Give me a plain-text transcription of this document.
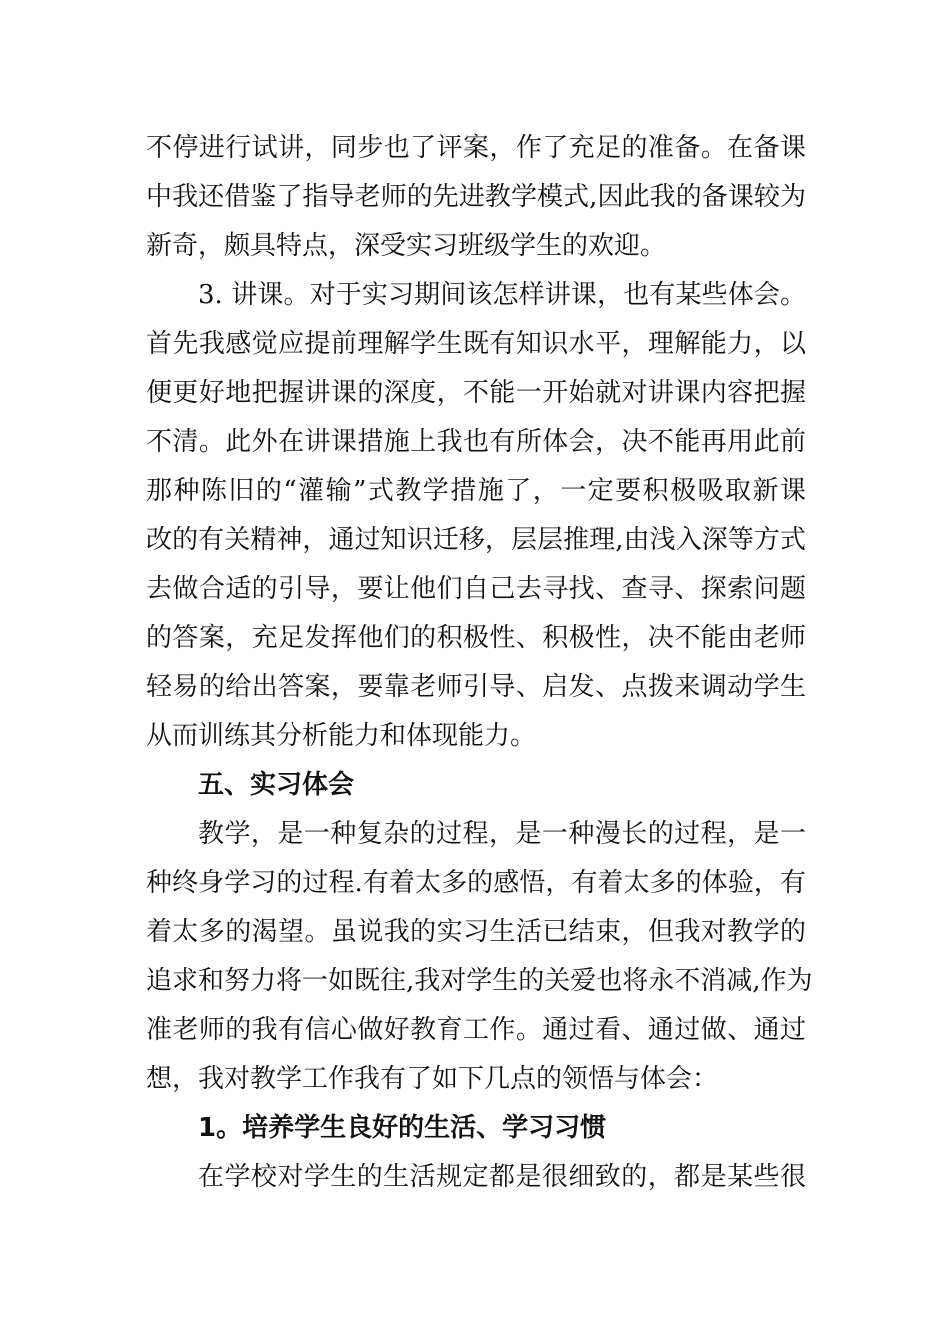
不停进行试讲，同步也了评案，作了充足的准备。在备课
中我还借鉴了指导老师的先进教学模式,因此我的备课较为
新奇，颇具特点，深受实习班级学生的欢迎。
3. 讲课。对于实习期间该怎样讲课，也有某些体会。
首先我感觉应提前理解学生既有知识水平，理解能力，以
便更好地把握讲课的深度，不能一开始就对讲课内容把握
不清。此外在讲课措施上我也有所体会，决不能再用此前
那种陈旧的“灌输”式教学措施了，一定要积极吸取新课
改的有关精神，通过知识迁移，层层推理,由浅入深等方式
去做合适的引导，要让他们自己去寻找、查寻、探索问题
的答案，充足发挥他们的积极性、积极性，决不能由老师
轻易的给出答案，要靠老师引导、启发、点拨来调动学生
从而训练其分析能力和体现能力。
五、实习体会
教学，是一种复杂的过程，是一种漫长的过程，是一
种终身学习的过程.有着太多的感悟，有着太多的体验，有
着太多的渴望。虽说我的实习生活已结束，但我对教学的
追求和努力将一如既往,我对学生的关爱也将永不消减,作为
准老师的我有信心做好教育工作。通过看、通过做、通过
想，我对教学工作我有了如下几点的领悟与体会：
1。培养学生良好的生活、学习习惯
在学校对学生的生活规定都是很细致的，都是某些很
